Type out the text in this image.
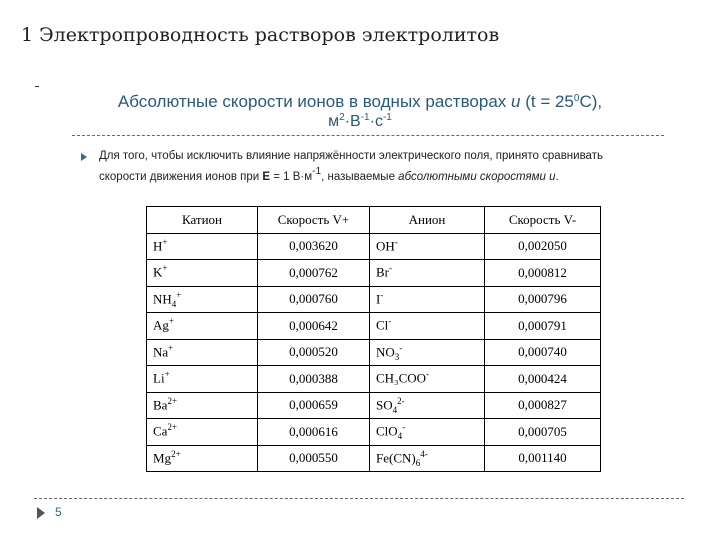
1 Электропроводность растворов электролитов
Абсолютные скорости ионов в водных растворах u $(t = 25^0C)$,
$м^2\cdot В^{-1}\cdot с^{-1}$
Для того, чтобы исключить влияние напряжённости электрического поля, принято сравнивать скорости движения ионов при E = 1 В·м-1, называемые абсолютными скоростями u.
Катион	Скорость V+	Анион	Скорость V-
H+	0,003620	OH-	0,002050
K+	0,000762	Br-	0,000812
$NH_4^+$	0,000760	I-	0,000796
Ag+	0,000642	Cl-	0,000791
Na+	0,000520	$NO_3^-$	0,000740
Li+	0,000388	CH₃COO-	0,000424
$Ba^{2+}$	0,000659	$SO_4^{2-}$	0,000827
$Ca^{2+}$	0,000616	ClO$_4$-	0,000705
$Mg^{2+}$	0,000550	$Fe(CN)_6^{4-}$	0,001140
5
